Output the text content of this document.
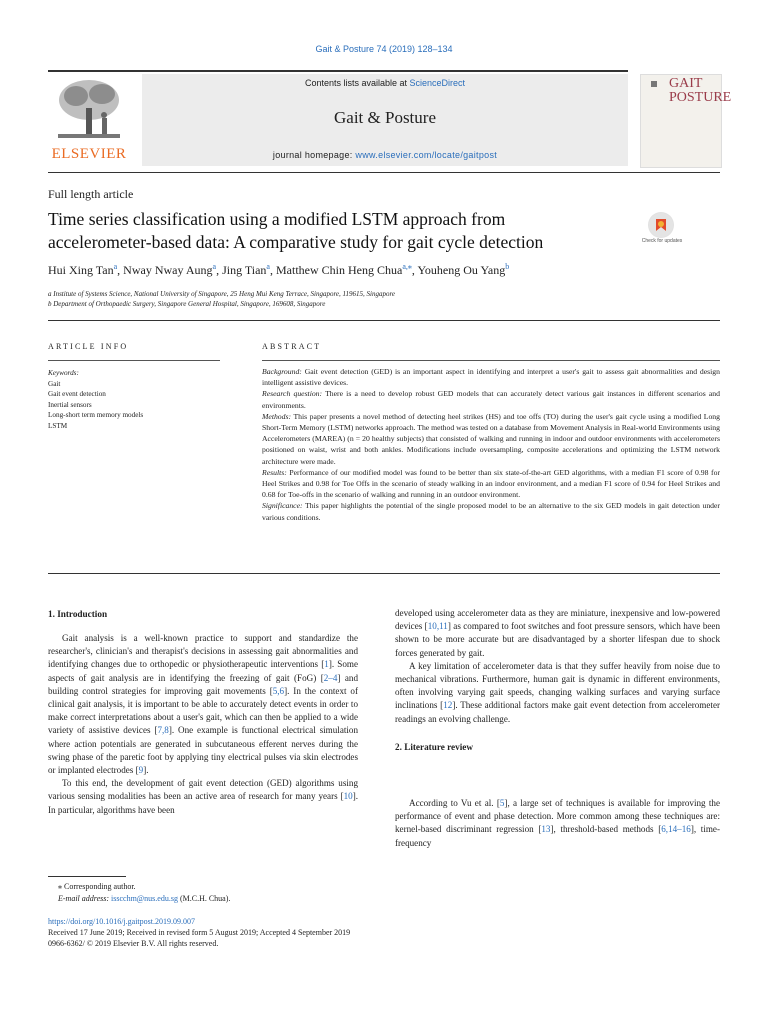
Gait & Posture 74 (2019) 128–134
ELSEVIER
Contents lists available at ScienceDirect
Gait & Posture
journal homepage: www.elsevier.com/locate/gaitpost
GAIT
POSTURE
Full length article
Time series classification using a modified LSTM approach from
accelerometer-based data: A comparative study for gait cycle detection	Check for updates
Hui Xing Tan$^a$, Nway Nway Aung$^a$, Jing Tian$^a$, Matthew Chin Heng Chua$^{a,⁎}$, Youheng Ou Yang$^b$
a Institute of Systems Science, National University of Singapore, 25 Heng Mui Keng Terrace, Singapore, 119615, Singapore
b Department of Orthopaedic Surgery, Singapore General Hospital, Singapore, 169608, Singapore
ARTICLE INFO
Keywords:
Gait
Gait event detection
Inertial sensors
Long-short term memory models
LSTM
ABSTRACT

Background: Gait event detection (GED) is an important aspect in identifying and interpret a user's gait to assess gait abnormalities and design intelligent assistive devices.

Research question: There is a need to develop robust GED models that can accurately detect various gait instances in different scenarios and environments.

Methods: This paper presents a novel method of detecting heel strikes (HS) and toe offs (TO) during the user's gait cycle using a modified Long Short-Term Memory (LSTM) networks approach. The method was tested on a database from Movement Analysis in Real-world Environments using Accelerometers (MAREA) (n = 20 healthy subjects) that consisted of walking and running in indoor and outdoor environments with accelerometers positioned on waist, wrist and both ankles. Modifications include oversampling, composite accelerations and optimizing the LSTM network architecture were made.

Results: Performance of our modified model was found to be better than six state-of-the-art GED algorithms, with a median F1 score of 0.98 for Heel Strikes and 0.98 for Toe Offs in the scenario of steady walking in an indoor environment, and a median F1 score of 0.94 for Heel Strikes and 0.68 for Toe-offs in the scenario of walking and running in an outdoor environment.

Significance: This paper highlights the potential of the single proposed model to be an alternative to the six GED models in gait detection under various conditions.

1. Introduction

Gait analysis is a well-known practice to support and standardize the researcher's, clinician's and therapist's decisions in assessing gait abnormalities and identifying changes due to orthopedic or physiotherapeutic interventions [1]. Some aspects of gait analysis are in identifying the freezing of gait (FoG) [2–4] and building control strategies for improving gait movements [5,6]. In the context of clinical gait analysis, it is important to be able to accurately detect events in order to make correct interpretations about a user's gait, which can then be applied to a wide variety of assistive devices [7,8]. One example is functional electrical simulation where action potentials are generated in subcutaneous efferent nerves during the swing phase of the paretic foot by applying tiny electrical pulses via skin electrodes or implanted electrodes [9].

To this end, the development of gait event detection (GED) algorithms using various sensing modalities has been an active area of research for many years [10]. In particular, algorithms have been

developed using accelerometer data as they are miniature, inexpensive and low-powered devices [10,11] as compared to foot switches and foot pressure sensors, which have been shown to be more accurate but are disadvantaged by a shorter lifespan due to shock forces generated by gait.

A key limitation of accelerometer data is that they suffer heavily from noise due to mechanical vibrations. Furthermore, human gait is dynamic in different environments, often involving varying gait speeds, changing walking surfaces and varying surface inclinations [12]. These additional factors make gait event detection from accelerometer readings an evolving challenge.

2. Literature review

According to Vu et al. [5], a large set of techniques is available for improving the performance of event and phase detection. More common among these techniques are: kernel-based discriminant regression [13], threshold-based methods [6,14–16], time-frequency

⁎ Corresponding author.
E-mail address: isscchm@nus.edu.sg (M.C.H. Chua).
https://doi.org/10.1016/j.gaitpost.2019.09.007
Received 17 June 2019; Received in revised form 5 August 2019; Accepted 4 September 2019
0966-6362/ © 2019 Elsevier B.V. All rights reserved.
